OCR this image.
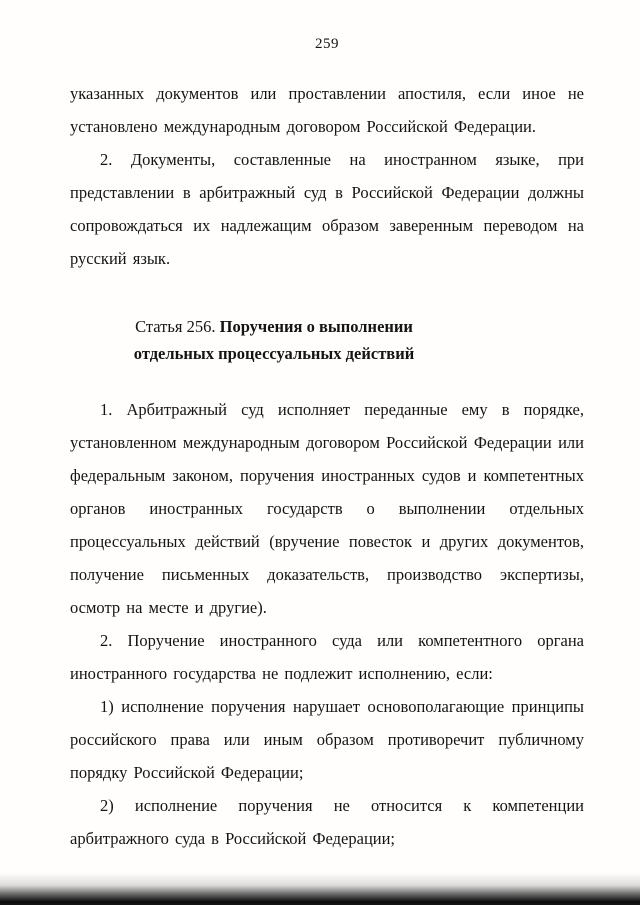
259

указанных документов или проставлении апостиля, если иное не установлено международным договором Российской Федерации.

2. Документы, составленные на иностранном языке, при представлении в арбитражный суд в Российской Федерации должны сопровождаться их надлежащим образом заверенным переводом на русский язык.

Статья 256. Поручения о выполнении отдельных процессуальных действий

1. Арбитражный суд исполняет переданные ему в порядке, установленном международным договором Российской Федерации или федеральным законом, поручения иностранных судов и компетентных органов иностранных государств о выполнении отдельных процессуальных действий (вручение повесток и других документов, получение письменных доказательств, производство экспертизы, осмотр на месте и другие).

2. Поручение иностранного суда или компетентного органа иностранного государства не подлежит исполнению, если:

1) исполнение поручения нарушает основополагающие принципы российского права или иным образом противоречит публичному порядку Российской Федерации;

2) исполнение поручения не относится к компетенции арбитражного суда в Российской Федерации;
